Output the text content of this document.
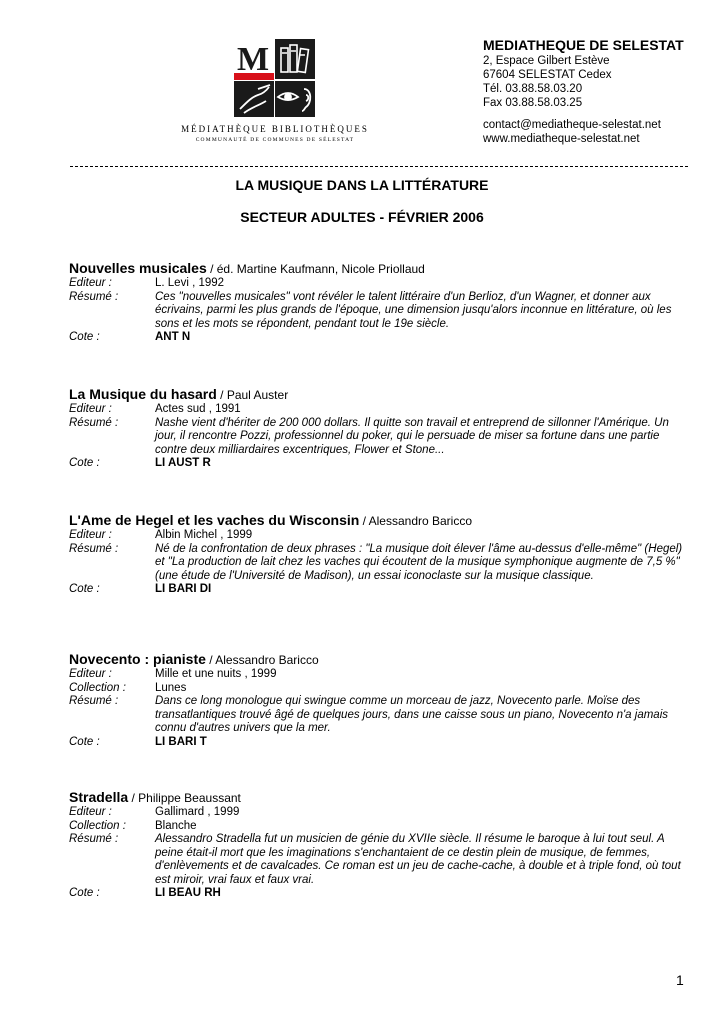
M
MÉDIATHÈQUE BIBLIOTHÈQUES
COMMUNAUTÉ DE COMMUNES DE SÉLESTAT
MEDIATHEQUE DE SELESTAT
2, Espace Gilbert Estève
67604 SELESTAT Cedex
Tél. 03.88.58.03.20
Fax 03.88.58.03.25
contact@mediatheque-selestat.net
www.mediatheque-selestat.net
LA MUSIQUE DANS LA LITTÉRATURE
SECTEUR ADULTES - FÉVRIER 2006
Nouvelles musicales / éd. Martine Kaufmann, Nicole Priollaud
Editeur :	L. Levi , 1992
Résumé :	Ces "nouvelles musicales" vont révéler le talent littéraire d'un Berlioz, d'un Wagner, et donner aux écrivains, parmi les plus grands de l'époque, une dimension jusqu'alors inconnue en littérature, où les sons et les mots se répondent, pendant tout le 19e siècle.
Cote :	ANT N
La Musique du hasard / Paul Auster
Editeur :	Actes sud , 1991
Résumé :	Nashe vient d'hériter de 200 000 dollars. Il quitte son travail et entreprend de sillonner l'Amérique. Un jour, il rencontre Pozzi, professionnel du poker, qui le persuade de miser sa fortune dans une partie contre deux milliardaires excentriques, Flower et Stone...
Cote :	LI AUST R
L'Ame de Hegel et les vaches du Wisconsin / Alessandro Baricco
Editeur :	Albin Michel , 1999
Résumé :	Né de la confrontation de deux phrases : "La musique doit élever l'âme au-dessus d'elle-même" (Hegel) et "La production de lait chez les vaches qui écoutent de la musique symphonique augmente de 7,5 %" (une étude de l'Université de Madison), un essai iconoclaste sur la musique classique.
Cote :	LI BARI DI
Novecento : pianiste / Alessandro Baricco
Editeur :	Mille et une nuits , 1999
Collection :	Lunes
Résumé :	Dans ce long monologue qui swingue comme un morceau de jazz, Novecento parle. Moïse des transatlantiques trouvé âgé de quelques jours, dans une caisse sous un piano, Novecento n'a jamais connu d'autres univers que la mer.
Cote :	LI BARI T
Stradella / Philippe Beaussant
Editeur :	Gallimard , 1999
Collection :	Blanche
Résumé :	Alessandro Stradella fut un musicien de génie du XVIIe siècle. Il résume le baroque à lui tout seul. A peine était-il mort que les imaginations s'enchantaient de ce destin plein de musique, de femmes, d'enlèvements et de cavalcades. Ce roman est un jeu de cache-cache, à double et à triple fond, où tout est miroir, vrai faux et faux vrai.
Cote :	LI BEAU RH
1
